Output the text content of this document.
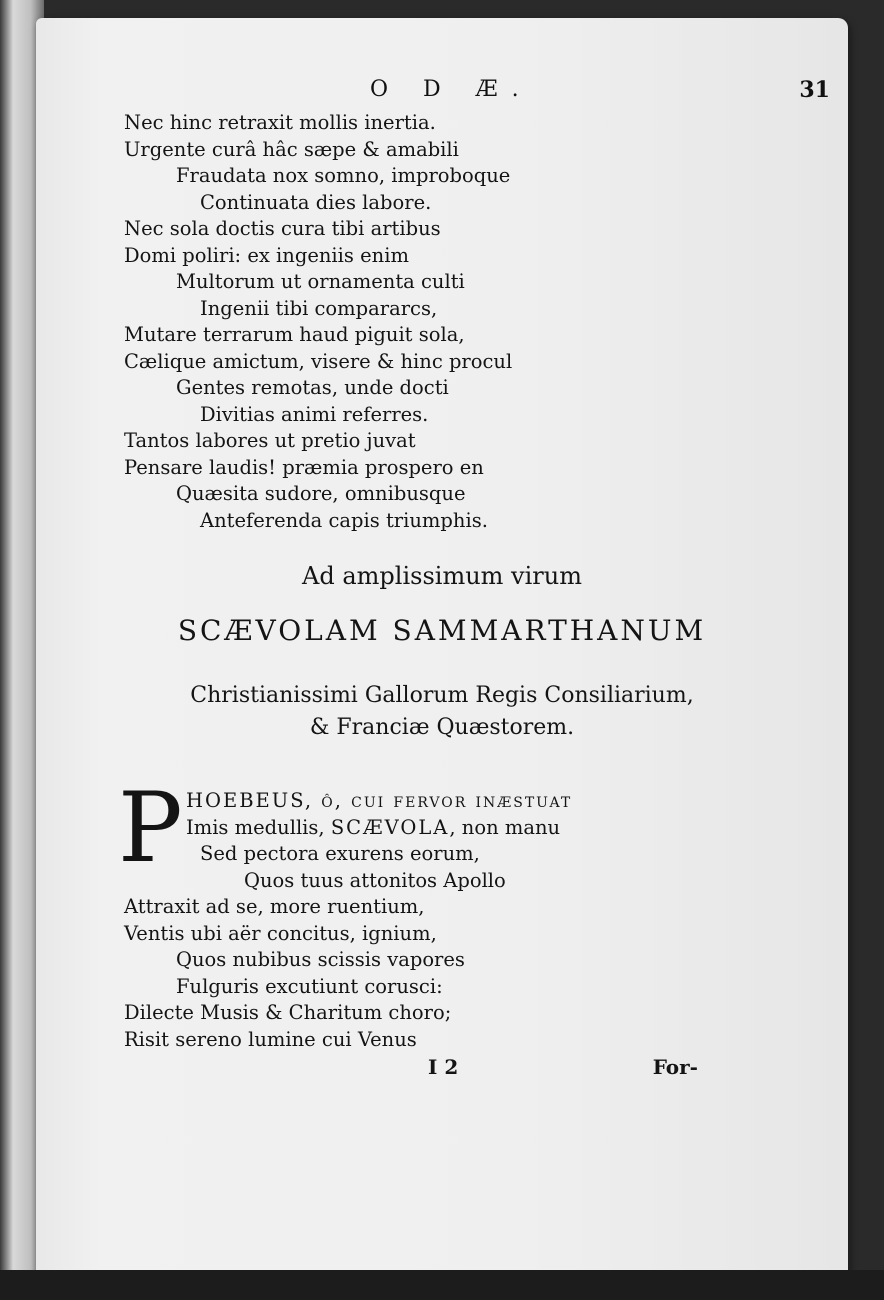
O D Æ.	31
Nec hinc retraxit mollis inertia.
Urgente curâ hâc sæpe & amabili
Fraudata nox somno, improboque
Continuata dies labore.
Nec sola doctis cura tibi artibus
Domi poliri: ex ingeniis enim
Multorum ut ornamenta culti
Ingenii tibi compararcs,
Mutare terrarum haud piguit sola,
Cælique amictum, visere & hinc procul
Gentes remotas, unde docti
Divitias animi referres.
Tantos labores ut pretio juvat
Pensare laudis! præmia prospero en
Quæsita sudore, omnibusque
Anteferenda capis triumphis.
Ad amplissimum virum
SCÆVOLAM SAMMARTHANUM
Christianissimi Gallorum Regis Consiliarium,
& Franciæ Quæstorem.
P HOEBEUS, ô, cui fervor inæstuat
Imis medullis, SCÆVOLA, non manu
Sed pectora exurens eorum,
Quos tuus attonitos Apollo
Attraxit ad se, more ruentium,
Ventis ubi aër concitus, ignium,
Quos nubibus scissis vapores
Fulguris excutiunt corusci:
Dilecte Musis & Charitum choro;
Risit sereno lumine cui Venus
I 2	For-
